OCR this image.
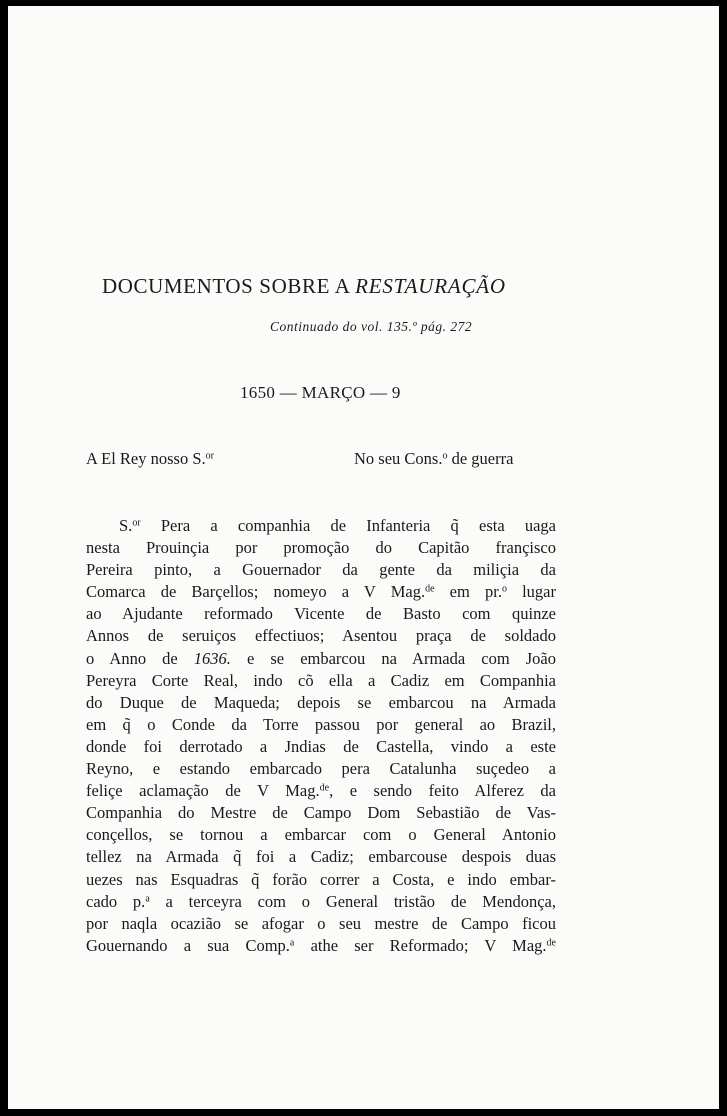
DOCUMENTOS SOBRE A RESTAURAÇÃO
Continuado do vol. 135.º pág. 272
1650 — MARÇO — 9
A El Rey nosso S.$^{or}$	No seu Cons.$^o$ de guerra
S.$^{or}$ Pera a companhia de Infanteria q̃ esta uaga
nesta Prouinçia por promoção do Capitão françisco
Pereira pinto, a Gouernador da gente da miliçia da
Comarca de Barçellos; nomeyo a V Mag.$^{de}$ em pr.$^o$ lugar
ao Ajudante reformado Vicente de Basto com quinze
Annos de seruiços effectiuos; Asentou praça de soldado
o Anno de 1636. e se embarcou na Armada com João
Pereyra Corte Real, indo cõ ella a Cadiz em Companhia
do Duque de Maqueda; depois se embarcou na Armada
em q̃ o Conde da Torre passou por general ao Brazil,
donde foi derrotado a Jndias de Castella, vindo a este
Reyno, e estando embarcado pera Catalunha suçedeo a
feliçe aclamação de V Mag.$^{de}$, e sendo feito Alferez da
Companhia do Mestre de Campo Dom Sebastião de Vas-
conçellos, se tornou a embarcar com o General Antonio
tellez na Armada q̃ foi a Cadiz; embarcouse despois duas
uezes nas Esquadras q̃ forão correr a Costa, e indo embar-
cado p.$^a$ a terceyra com o General tristão de Mendonça,
por naqla ocazião se afogar o seu mestre de Campo ficou
Gouernando a sua Comp.$^a$ athe ser Reformado; V Mag.$^{de}$
